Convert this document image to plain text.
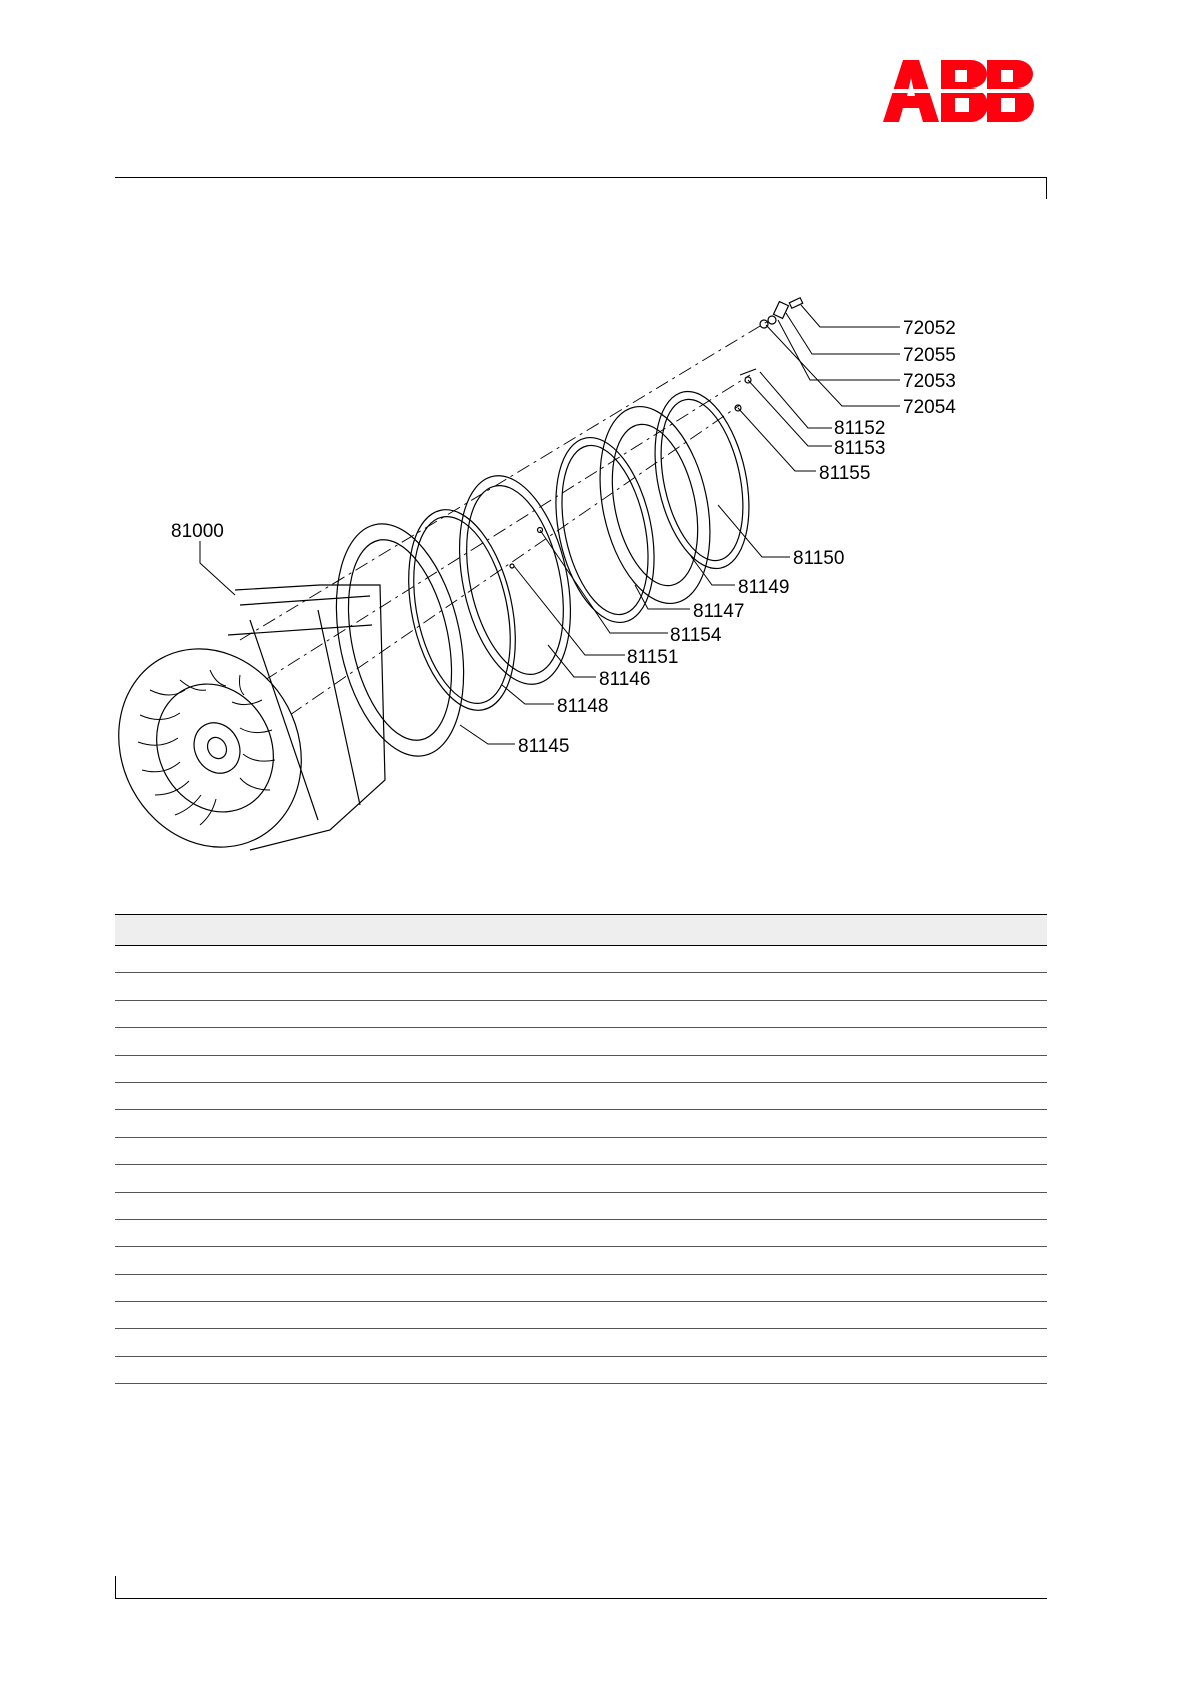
72052
72055
72053
72054
81152
81153
81155
81000
81150
81149
81147
81154
81151
81146
81148
81145
